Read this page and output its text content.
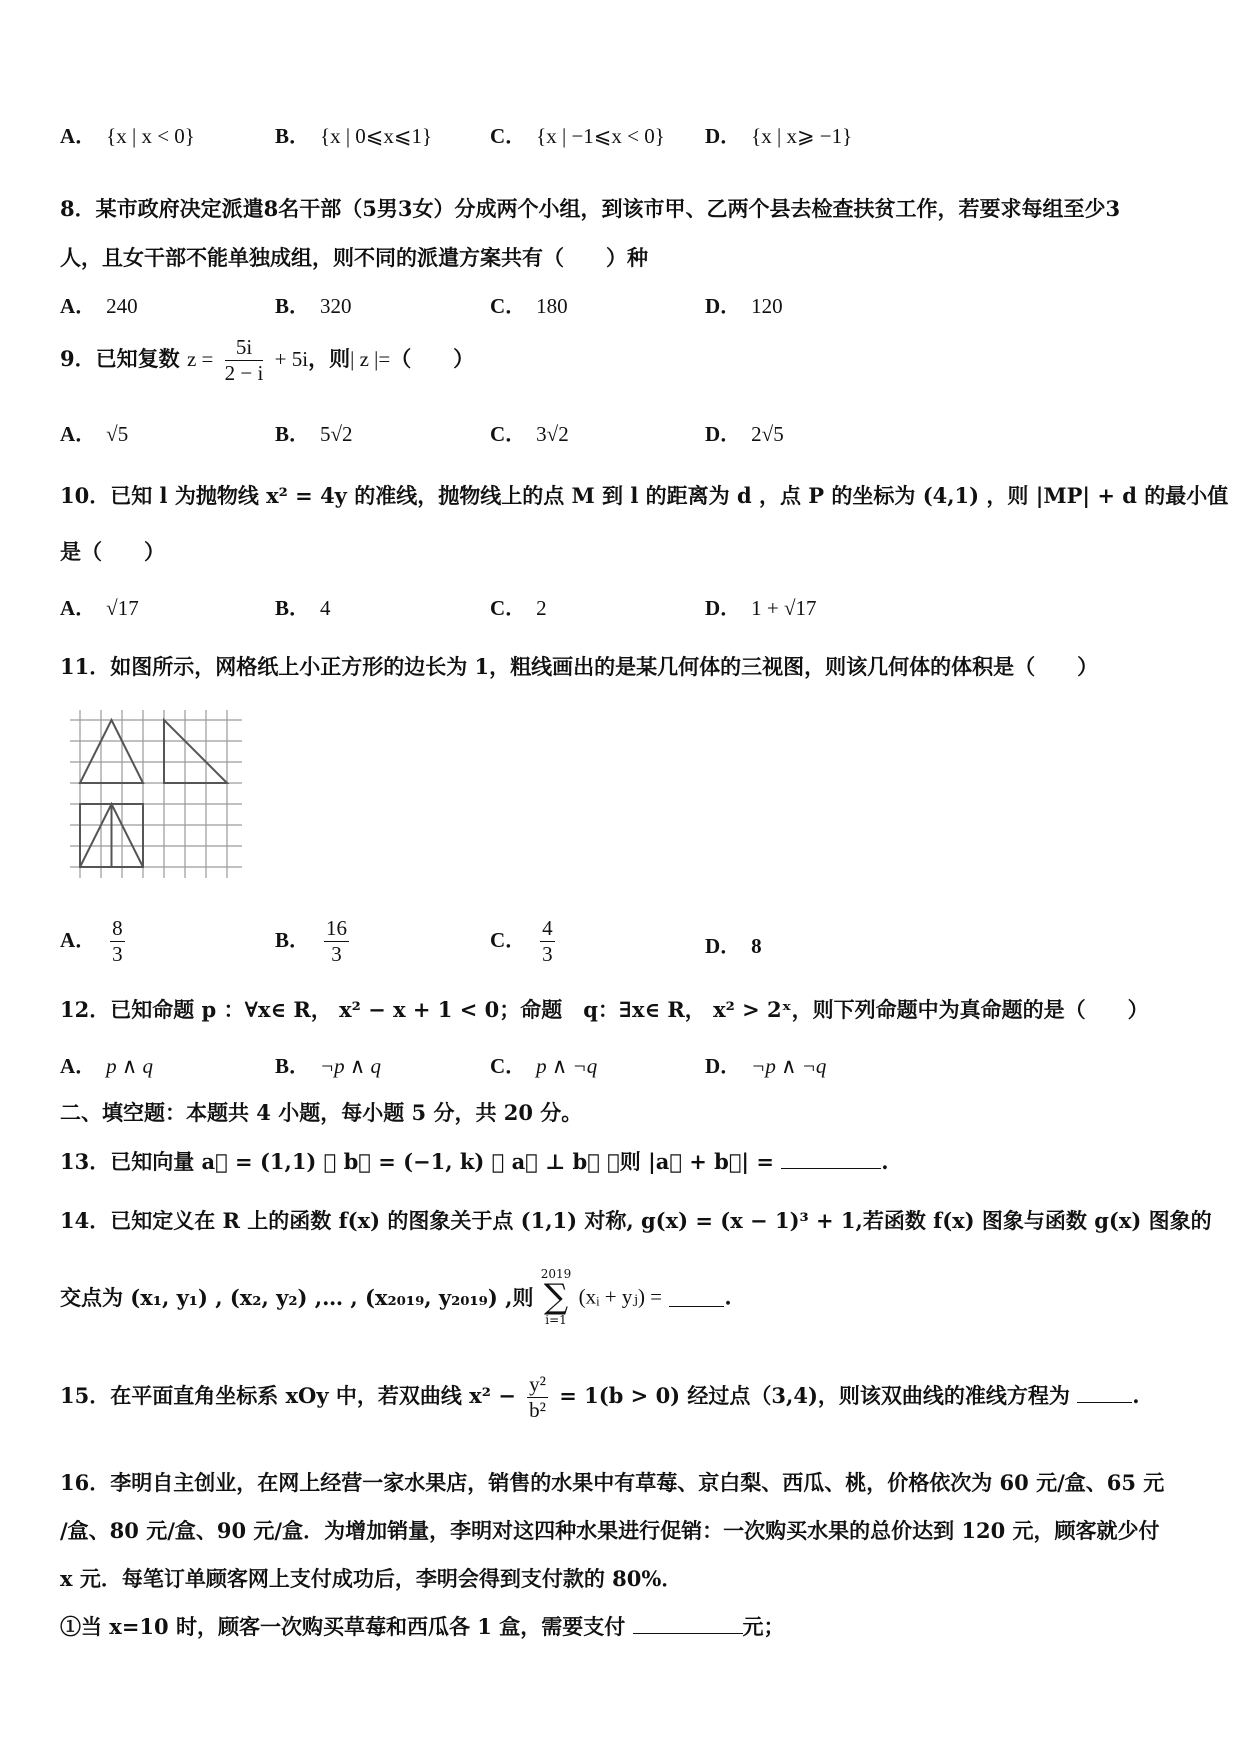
A． {x | x < 0}	B． {x | 0⩽x⩽1}	C． {x | −1⩽x < 0} D． {x | x⩾ −1}
8．某市政府决定派遣8名干部（5男3女）分成两个小组，到该市甲、乙两个县去检查扶贫工作，若要求每组至少3
人，且女干部不能单独成组，则不同的派遣方案共有（　　）种
A． 240	B． 320	C． 180	D． 120
9．已知复数 $z = \frac{5i}{2 - i} + 5i$，则| z |=（　　）
A． √5	B． 5√2	C． 3√2	D． 2√5
10．已知 l 为抛物线 x² = 4y 的准线，抛物线上的点 M 到 l 的距离为 d ，点 P 的坐标为 (4,1) ，则 |MP| + d 的最小值
是（　　）
A． √17	B． 4	C． 2	D． 1 + √17
11．如图所示，网格纸上小正方形的边长为 1，粗线画出的是某几何体的三视图，则该几何体的体积是（　　）
A． $\frac{8}{3}$	B． $\frac{16}{3}$	C． $\frac{4}{3}$	D． 8
12．已知命题 p ：∀x∈ R， x² − x + 1 < 0；命题　q：∃x∈ R， x² > 2ˣ，则下列命题中为真命题的是（　　）
A． p ∧ q	B． ¬p ∧ q	C． p ∧ ¬q	D． ¬p ∧ ¬q
二、填空题：本题共 4 小题，每小题 5 分，共 20 分。
13．已知向量 a⃗ = (1,1) ， b⃗ = (−1, k) ， a⃗ ⊥ b⃗ ，则 |a⃗ + b⃗| =	.
14．已知定义在 R 上的函数 f(x) 的图象关于点 (1,1) 对称, g(x) = (x − 1)³ + 1,若函数 f(x) 图象与函数 g(x) 图象的
交点为 (x₁, y₁) , (x₂, y₂) ,… , (x₂₀₁₉, y₂₀₁₉) ,则
2019
∑
i=1
(xᵢ + yⱼ) =	.
15．在平面直角坐标系 xOy 中，若双曲线 $x^2 - \frac{\text{y²}}{\text{b²}} = 1(b > 0)$ 经过点（3,4)，则该双曲线的准线方程为	.
16．李明自主创业，在网上经营一家水果店，销售的水果中有草莓、京白梨、西瓜、桃，价格依次为 60 元/盒、65 元
/盒、80 元/盒、90 元/盒．为增加销量，李明对这四种水果进行促销：一次购买水果的总价达到 120 元，顾客就少付
x 元．每笔订单顾客网上支付成功后，李明会得到支付款的 80%．
①当 x=10 时，顾客一次购买草莓和西瓜各 1 盒，需要支付	元；
